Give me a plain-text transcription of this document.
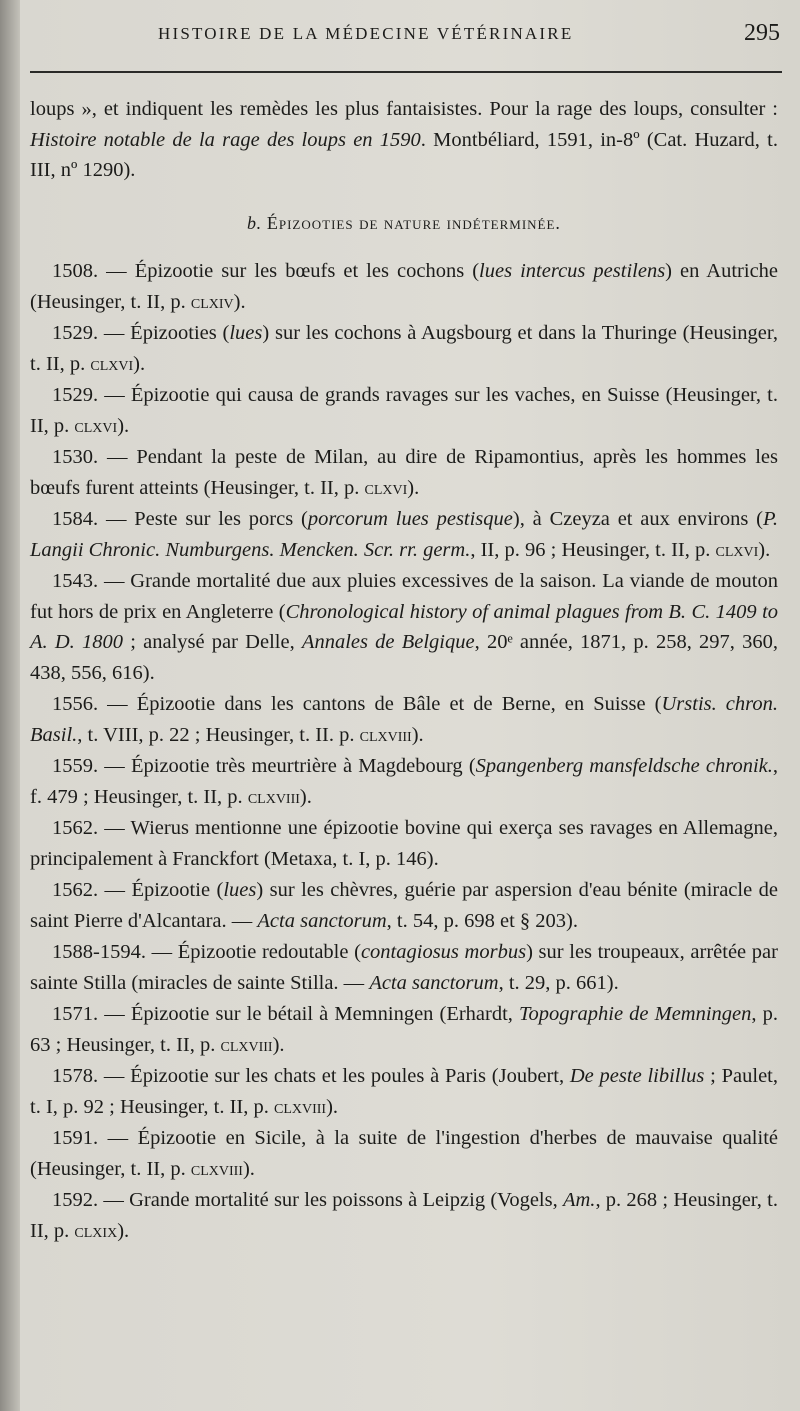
HISTOIRE DE LA MÉDECINE VÉTÉRINAIRE	295

loups », et indiquent les remèdes les plus fantaisistes. Pour la rage des loups, consulter : Histoire notable de la rage des loups en 1590. Montbéliard, 1591, in-8º (Cat. Huzard, t. III, nº 1290).

b. Épizooties de nature indéterminée.

1508. — Épizootie sur les bœufs et les cochons (lues intercus pestilens) en Autriche (Heusinger, t. II, p. clxiv).

1529. — Épizooties (lues) sur les cochons à Augsbourg et dans la Thuringe (Heusinger, t. II, p. clxvi).

1529. — Épizootie qui causa de grands ravages sur les vaches, en Suisse (Heusinger, t. II, p. clxvi).

1530. — Pendant la peste de Milan, au dire de Ripamontius, après les hommes les bœufs furent atteints (Heusinger, t. II, p. clxvi).

1584. — Peste sur les porcs (porcorum lues pestisque), à Czeyza et aux environs (P. Langii Chronic. Numburgens. Mencken. Scr. rr. germ., II, p. 96 ; Heusinger, t. II, p. clxvi).

1543. — Grande mortalité due aux pluies excessives de la saison. La viande de mouton fut hors de prix en Angleterre (Chronological history of animal plagues from B. C. 1409 to A. D. 1800 ; analysé par Delle, Annales de Belgique, 20ᵉ année, 1871, p. 258, 297, 360, 438, 556, 616).

1556. — Épizootie dans les cantons de Bâle et de Berne, en Suisse (Urstis. chron. Basil., t. VIII, p. 22 ; Heusinger, t. II. p. clxviii).

1559. — Épizootie très meurtrière à Magdebourg (Spangenberg mansfeldsche chronik., f. 479 ; Heusinger, t. II, p. clxviii).

1562. — Wierus mentionne une épizootie bovine qui exerça ses ravages en Allemagne, principalement à Franckfort (Metaxa, t. I, p. 146).

1562. — Épizootie (lues) sur les chèvres, guérie par aspersion d'eau bénite (miracle de saint Pierre d'Alcantara. — Acta sanctorum, t. 54, p. 698 et § 203).

1588-1594. — Épizootie redoutable (contagiosus morbus) sur les troupeaux, arrêtée par sainte Stilla (miracles de sainte Stilla. — Acta sanctorum, t. 29, p. 661).

1571. — Épizootie sur le bétail à Memningen (Erhardt, Topographie de Memningen, p. 63 ; Heusinger, t. II, p. clxviii).

1578. — Épizootie sur les chats et les poules à Paris (Joubert, De peste libillus ; Paulet, t. I, p. 92 ; Heusinger, t. II, p. clxviii).

1591. — Épizootie en Sicile, à la suite de l'ingestion d'herbes de mauvaise qualité (Heusinger, t. II, p. clxviii).

1592. — Grande mortalité sur les poissons à Leipzig (Vogels, Am., p. 268 ; Heusinger, t. II, p. clxix).
